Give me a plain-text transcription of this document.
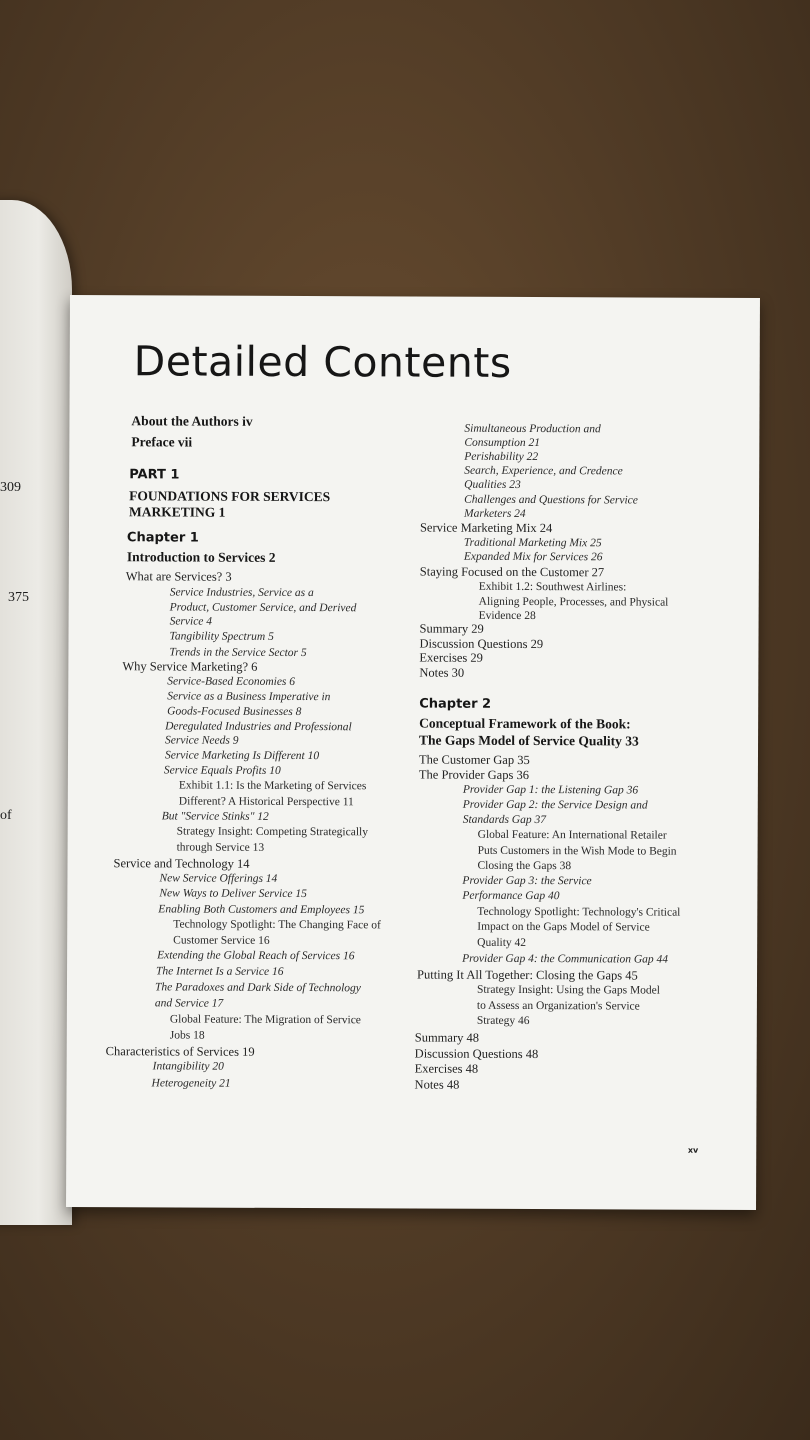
309
375
of
Detailed Contents
About the Authors iv
Preface vii
PART 1
FOUNDATIONS FOR SERVICES
MARKETING 1
Chapter 1
Introduction to Services 2
What are Services? 3
Service Industries, Service as a
Product, Customer Service, and Derived
Service 4
Tangibility Spectrum 5
Trends in the Service Sector 5
Why Service Marketing? 6
Service-Based Economies 6
Service as a Business Imperative in
Goods-Focused Businesses 8
Deregulated Industries and Professional
Service Needs 9
Service Marketing Is Different 10
Service Equals Profits 10
Exhibit 1.1: Is the Marketing of Services
Different? A Historical Perspective 11
But "Service Stinks" 12
Strategy Insight: Competing Strategically
through Service 13
Service and Technology 14
New Service Offerings 14
New Ways to Deliver Service 15
Enabling Both Customers and Employees 15
Technology Spotlight: The Changing Face of
Customer Service 16
Extending the Global Reach of Services 16
The Internet Is a Service 16
The Paradoxes and Dark Side of Technology
and Service 17
Global Feature: The Migration of Service
Jobs 18
Characteristics of Services 19
Intangibility 20
Heterogeneity 21
Simultaneous Production and
Consumption 21
Perishability 22
Search, Experience, and Credence
Qualities 23
Challenges and Questions for Service
Marketers 24
Service Marketing Mix 24
Traditional Marketing Mix 25
Expanded Mix for Services 26
Staying Focused on the Customer 27
Exhibit 1.2: Southwest Airlines:
Aligning People, Processes, and Physical
Evidence 28
Summary 29
Discussion Questions 29
Exercises 29
Notes 30
Chapter 2
Conceptual Framework of the Book:
The Gaps Model of Service Quality 33
The Customer Gap 35
The Provider Gaps 36
Provider Gap 1: the Listening Gap 36
Provider Gap 2: the Service Design and
Standards Gap 37
Global Feature: An International Retailer
Puts Customers in the Wish Mode to Begin
Closing the Gaps 38
Provider Gap 3: the Service
Performance Gap 40
Technology Spotlight: Technology's Critical
Impact on the Gaps Model of Service
Quality 42
Provider Gap 4: the Communication Gap 44
Putting It All Together: Closing the Gaps 45
Strategy Insight: Using the Gaps Model
to Assess an Organization's Service
Strategy 46
Summary 48
Discussion Questions 48
Exercises 48
Notes 48
xv
